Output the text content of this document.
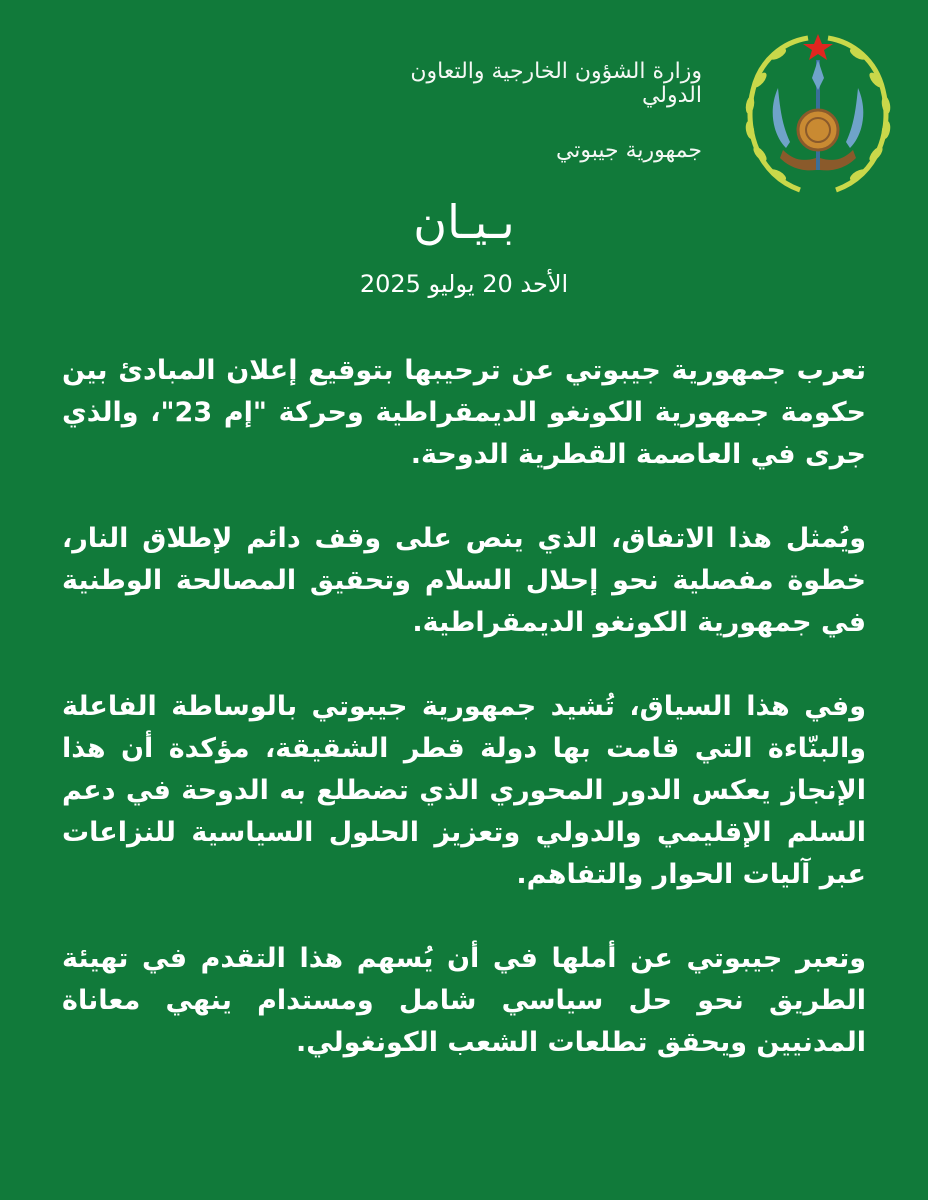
وزارة الشؤون الخارجية والتعاون
الدولي
جمهورية جيبوتي
بـيـان
الأحد 20 يوليو 2025

تعرب جمهورية جيبوتي عن ترحيبها بتوقيع إعلان المبادئ بين حكومة جمهورية الكونغو الديمقراطية وحركة "إم 23"، والذي جرى في العاصمة القطرية الدوحة.

ويُمثل هذا الاتفاق، الذي ينص على وقف دائم لإطلاق النار، خطوة مفصلية نحو إحلال السلام وتحقيق المصالحة الوطنية في جمهورية الكونغو الديمقراطية.

وفي هذا السياق، تُشيد جمهورية جيبوتي بالوساطة الفاعلة والبنّاءة التي قامت بها دولة قطر الشقيقة، مؤكدة أن هذا الإنجاز يعكس الدور المحوري الذي تضطلع به الدوحة في دعم السلم الإقليمي والدولي وتعزيز الحلول السياسية للنزاعات عبر آليات الحوار والتفاهم.

وتعبر جيبوتي عن أملها في أن يُسهم هذا التقدم في تهيئة الطريق نحو حل سياسي شامل ومستدام ينهي معاناة المدنيين ويحقق تطلعات الشعب الكونغولي.
